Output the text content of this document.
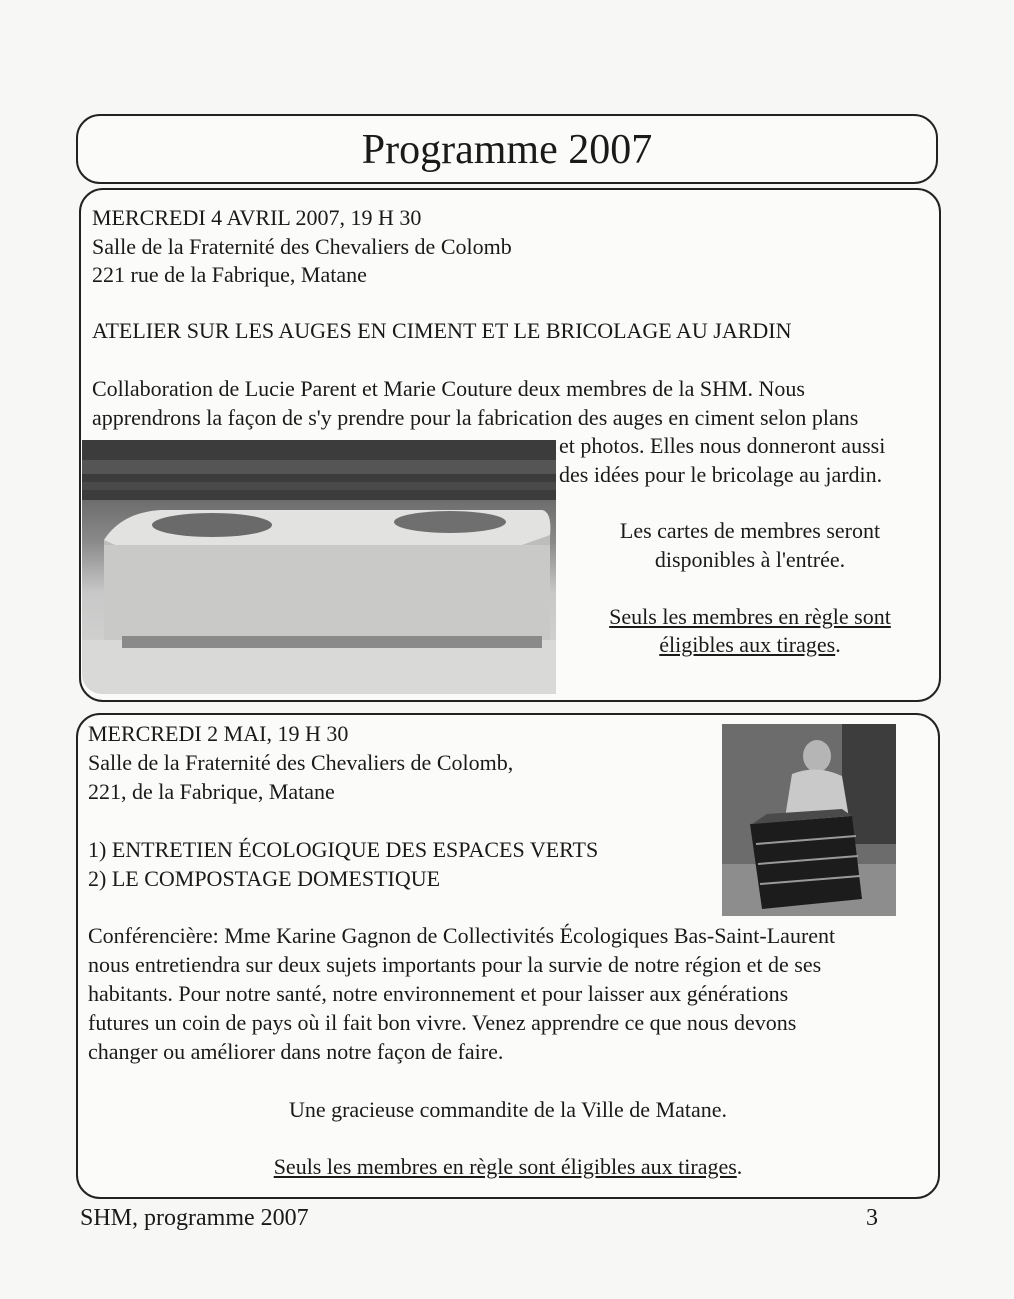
Programme 2007
MERCREDI 4 AVRIL 2007, 19 H 30
Salle de la Fraternité des Chevaliers de Colomb
221 rue de la Fabrique, Matane
ATELIER SUR LES AUGES EN CIMENT ET LE BRICOLAGE AU JARDIN
Collaboration de Lucie Parent et Marie Couture deux membres de la SHM. Nous
apprendrons la façon de s'y prendre pour la fabrication des auges en ciment selon plans
et photos. Elles nous donneront aussi
des idées pour le bricolage au jardin.
Les cartes de membres seront
disponibles à l'entrée.
Seuls les membres en règle sont
éligibles aux tirages.
MERCREDI 2 MAI, 19 H 30
Salle de la Fraternité des Chevaliers de Colomb,
221, de la Fabrique, Matane
1) ENTRETIEN ÉCOLOGIQUE DES ESPACES VERTS
2) LE COMPOSTAGE DOMESTIQUE
Conférencière: Mme Karine Gagnon de Collectivités Écologiques Bas-Saint-Laurent
nous entretiendra sur deux sujets importants pour la survie de notre région et de ses
habitants. Pour notre santé, notre environnement et pour laisser aux générations
futures un coin de pays où il fait bon vivre. Venez apprendre ce que nous devons
changer ou améliorer dans notre façon de faire.
Une gracieuse commandite de la Ville de Matane.
Seuls les membres en règle sont éligibles aux tirages.
SHM, programme 2007	3
